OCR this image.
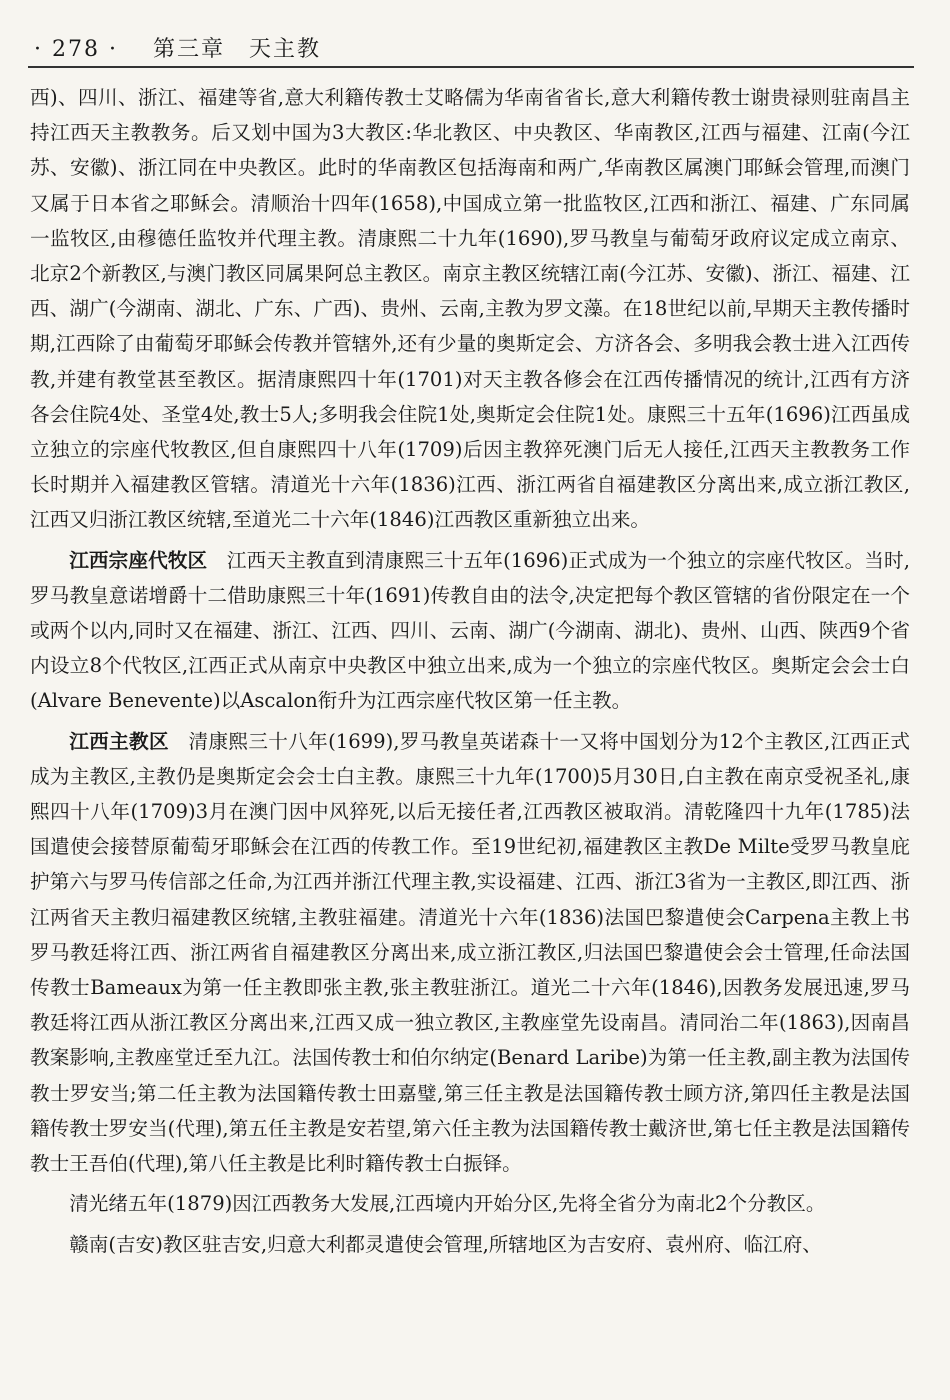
· 278 · 第三章　天主教

西)、四川、浙江、福建等省,意大利籍传教士艾略儒为华南省省长,意大利籍传教士谢贵禄则驻南昌主持江西天主教教务。后又划中国为3大教区:华北教区、中央教区、华南教区,江西与福建、江南(今江苏、安徽)、浙江同在中央教区。此时的华南教区包括海南和两广,华南教区属澳门耶稣会管理,而澳门又属于日本省之耶稣会。清顺治十四年(1658),中国成立第一批监牧区,江西和浙江、福建、广东同属一监牧区,由穆德任监牧并代理主教。清康熙二十九年(1690),罗马教皇与葡萄牙政府议定成立南京、北京2个新教区,与澳门教区同属果阿总主教区。南京主教区统辖江南(今江苏、安徽)、浙江、福建、江西、湖广(今湖南、湖北、广东、广西)、贵州、云南,主教为罗文藻。在18世纪以前,早期天主教传播时期,江西除了由葡萄牙耶稣会传教并管辖外,还有少量的奥斯定会、方济各会、多明我会教士进入江西传教,并建有教堂甚至教区。据清康熙四十年(1701)对天主教各修会在江西传播情况的统计,江西有方济各会住院4处、圣堂4处,教士5人;多明我会住院1处,奥斯定会住院1处。康熙三十五年(1696)江西虽成立独立的宗座代牧教区,但自康熙四十八年(1709)后因主教猝死澳门后无人接任,江西天主教教务工作长时期并入福建教区管辖。清道光十六年(1836)江西、浙江两省自福建教区分离出来,成立浙江教区,江西又归浙江教区统辖,至道光二十六年(1846)江西教区重新独立出来。

江西宗座代牧区 江西天主教直到清康熙三十五年(1696)正式成为一个独立的宗座代牧区。当时,罗马教皇意诺增爵十二借助康熙三十年(1691)传教自由的法令,决定把每个教区管辖的省份限定在一个或两个以内,同时又在福建、浙江、江西、四川、云南、湖广(今湖南、湖北)、贵州、山西、陕西9个省内设立8个代牧区,江西正式从南京中央教区中独立出来,成为一个独立的宗座代牧区。奥斯定会会士白(Alvare Benevente)以Ascalon衔升为江西宗座代牧区第一任主教。

江西主教区 清康熙三十八年(1699),罗马教皇英诺森十一又将中国划分为12个主教区,江西正式成为主教区,主教仍是奥斯定会会士白主教。康熙三十九年(1700)5月30日,白主教在南京受祝圣礼,康熙四十八年(1709)3月在澳门因中风猝死,以后无接任者,江西教区被取消。清乾隆四十九年(1785)法国遣使会接替原葡萄牙耶稣会在江西的传教工作。至19世纪初,福建教区主教De Milte受罗马教皇庇护第六与罗马传信部之任命,为江西并浙江代理主教,实设福建、江西、浙江3省为一主教区,即江西、浙江两省天主教归福建教区统辖,主教驻福建。清道光十六年(1836)法国巴黎遣使会Carpena主教上书罗马教廷将江西、浙江两省自福建教区分离出来,成立浙江教区,归法国巴黎遣使会会士管理,任命法国传教士Bameaux为第一任主教即张主教,张主教驻浙江。道光二十六年(1846),因教务发展迅速,罗马教廷将江西从浙江教区分离出来,江西又成一独立教区,主教座堂先设南昌。清同治二年(1863),因南昌教案影响,主教座堂迁至九江。法国传教士和伯尔纳定(Benard Laribe)为第一任主教,副主教为法国传教士罗安当;第二任主教为法国籍传教士田嘉璧,第三任主教是法国籍传教士顾方济,第四任主教是法国籍传教士罗安当(代理),第五任主教是安若望,第六任主教为法国籍传教士戴济世,第七任主教是法国籍传教士王吾伯(代理),第八任主教是比利时籍传教士白振铎。

清光绪五年(1879)因江西教务大发展,江西境内开始分区,先将全省分为南北2个分教区。

赣南(吉安)教区驻吉安,归意大利都灵遣使会管理,所辖地区为吉安府、袁州府、临江府、
